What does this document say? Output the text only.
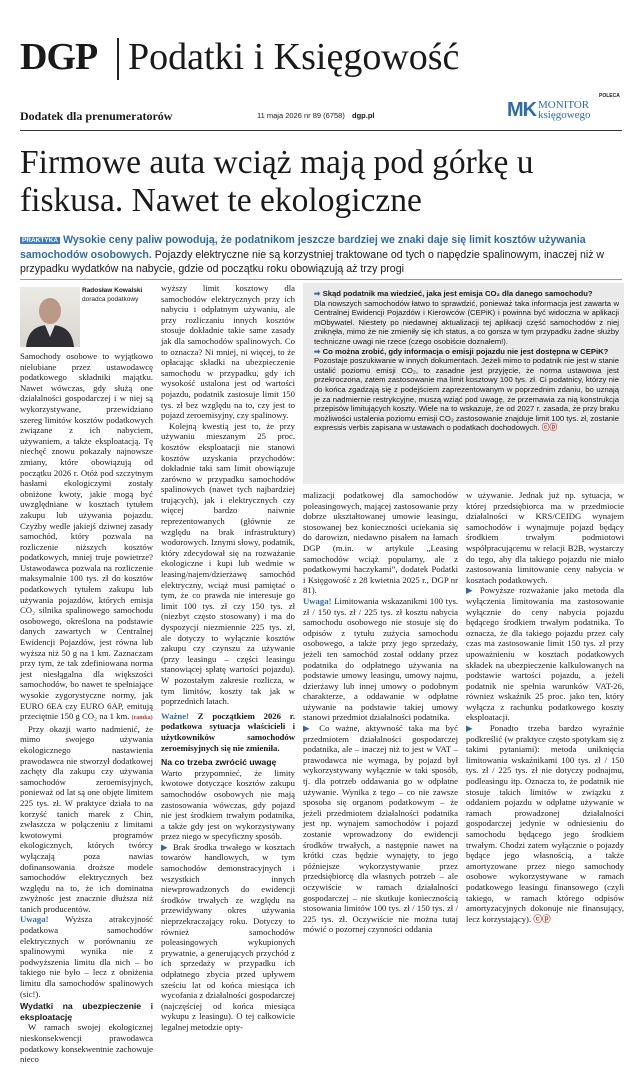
DGP Podatki i Księgowość
Dodatek dla prenumeratorów	11 maja 2026 nr 89 (6758) dgp.pl
POLECA
MK MONITOR
księgowego
Firmowe auta wciąż mają pod górkę u fiskusa. Nawet te ekologiczne
PRAKTYKA Wysokie ceny paliw powodują, że podatnikom jeszcze bardziej we znaki daje się limit kosztów używania samochodów osobowych. Pojazdy elektryczne nie są korzystniej traktowane od tych o napędzie spalinowym, inaczej niż w przypadku wydatków na nabycie, gdzie od początku roku obowiązują aż trzy progi
Radosław Kowalski
doradca podatkowy

Samochody osobowe to wyjątkowo nielubiane przez ustawodawcę podatkowego składniki majątku. Nawet wówczas, gdy służą one działalności gospodarczej i w niej są wykorzystywane, przewidziano szereg limitów kosztów podatkowych związane z ich nabyciem, używaniem, a także eksploatacją. Tę niechęć znowu pokazały najnowsze zmiany, które obowiązują od początku 2026 r. Otóż pod szczytnym hasłami ekologiczymi zostały obniżone kwoty, jakie mogą być uwzględniane w kosztach tytułem zakupu lub używania pojazdu. Czyżby wedle jakiejś dziwnej zasady samochód, który pozwala na rozliczenie niższych kosztów podatkowych, mniej truje powietrze? Ustawodawca pozwala na rozliczenie maksymalnie 100 tys. zł do kosztów podatkowych tytułem zakupu lub używania pojazdów, których emisja CO₂ silnika spalinowego samochodu osobowego, określona na podstawie danych zawartych w Centralnej Ewidencji Pojazdów, jest równa lub wyższa niż 50 g na 1 km. Zaznaczam przy tym, że tak zdefiniowana norma jest niesłągalna dla większości samochodów, bo nawet te spełniające wysokie zygorystyczne normy, jak EURO 6EA czy EURO 6AP, emitują przeciętnie 150 g CO₂ na 1 km. (ramka)

Przy okazji warto nadmienić, że mimo swojego używania ekologicznego nastawienia prawodawca nie stworzył dodatkowej zachęty dla zakupu czy używania samochodów zeroemisyjnych, ponieważ od lat są one objęte limitem 225 tys. zł. W praktyce działa to na korzyść tanich marek z Chin, zwłaszcza w połączeniu z limitami kwotowymi programów ekologicznych, których twórcy wyłączają poza nawias dofinansowania droższe modele samochodów elektrycznych bez względu na to, że ich dominatna zwyżnośc jest znacznie dłuższa niż tanich producentów.

Uwaga! Wyższa atrakcyjność podatkowa samochodów elektrycznych w porównaniu ze spalinowymi wynika nie z podwyższenia limitu dla nich – bo takiego nie było – lecz z obniżenia limitu dla samochodów spalinowych (sic!).

Wydatki na ubezpieczenie i eksploatację

W ramach swojej ekologicznej nieskonsekwencji prawodawca podatkowy konsekwentnie zachowuje nieco

wyższy limit kosztowy dla samochodów elektrycznych przy ich nabyciu i odpłatnym używaniu, ale przy rozliczaniu innych kosztów stosuje dokładnie takie same zasady jak dla samochodów spalinowych. Co to oznacza? Ni mniej, ni więcej, to że opłacając składki na ubezpieczenie samochodu w przypadku, gdy ich wysokość ustalona jest od wartości pojazdu, podatnik zastosuje limit 150 tys. zł bez względu na to, czy jest to pojazd zeroemisyjny, czy spalinowy.

Kolejną kwestią jest to, że przy używaniu mieszanym 25 proc. kosztów eksploatacji nie stanowi kosztów uzyskania przychodów: dokładnie taki sam limit obowiązuje zarówno w przypadku samochodów spalinowych (nawet tych najbardziej trujących), jak i elektrycznych czy więcej bardzo naiwnie reprezentowanych (głównie ze względu na brak infrastruktury) wodorowych. Iznymi słowy, podatnik, który zdecydował się na rozważanie ekologiczne i kupi lub wedmie w leasing/najem/dzierżawę samochód elektryczny, wciąż musi pamiętać o tym, że co prawda nie interesuje go limit 100 tys. zł czy 150 tys. zł (niezbyt często stosowany) i ma do dyspozycji niezmiennie 225 tys. zł, ale dotyczy to wyłącznie kosztów zakupu czy czynszu za używanie (przy leasingu – części leasingu stanowiącej spłatę wartości pojazdu). W pozostałym zakresie rozlicza, w tym limitów, koszty tak jak w poprzednich latach.

Ważne! Z początkiem 2026 r. podatkowa sytuacja właścicieli i użytkowników samochodów zeroemisyjnych się nie zmieniła.

Na co trzeba zwrócić uwagę

Warto przypomnieć, że limity kwotowe dotyczące kosztów zakupu samochodów osobowych nie mają zastosowania wówczas, gdy pojazd nie jest środkiem trwałym podatnika, a także gdy jest on wykorzystywany przez niego w specyficzny sposób.

▶ Brak środka trwałego w kosztach towarów handlowych, w tym samochodów demonstracyjnych i wszystkich innych niewprowadzonych do ewidencji środków trwałych ze względu na przewidywany okres używania nieprzekraczający roku. Dotyczy to również samochodów poleasingowych wykupionych prywatnie, a generujących przychód z ich sprzedaży w przypadku ich odpłatnego zbycia przed upływem sześciu lat od końca miesiąca ich wycofania z działalności gospodarczej (najczęściej od końca miesiąca wykupu z leasingu). O tej całkowicie legalnej metodzie opty-

➡ Skąd podatnik ma wiedzieć, jaka jest emisja CO₂ dla danego samochodu?

Dla nowszych samochodów łatwo to sprawdzić, ponieważ taka informacja jest zawarta w Centralnej Ewidencji Pojazdów i Kierowców (CEPiK) i powinna być widoczna w aplikacji mObywatel. Niestety po niedawnej aktualizacji tej aplikacji część samochodów z niej zniknęła, mimo że nie zmieniły się ich status, a co gorsza w tym przypadku żadne służby techniczne uwagi nie rzece (czego osobiście doznałem!).

➡ Co można zrobić, gdy informacja o emisji pojazdu nie jest dostępna w CEPiK?

Pozostaje poszukiwanie w innych dokumentach. Jeżeli mimo to podatnik nie jest w stanie ustalić poziomu emisji CO₂, to zasadne jest przyjęcie, że norma ustawowa jest przekroczona, zatem zastosowanie ma limit kosztowy 100 tys. zł. Ci podatnicy, którzy nie do końca zgadzają się z podejściem zaprezentowanym w poprzednim zdaniu, bo uznają je za nadmiernie restrykcyjne, muszą wziąć pod uwagę, że przemawia za nią konstrukcja przepisów limitujących koszty. Wiele na to wskazuje, że od 2027 r. zasada, że przy braku możliwości ustalenia poziomu emisji CO₂ zastosowanie znajduje limit 100 tys. zł, zostanie expressis verbis zapisana w ustawach o podatkach dochodowych. ⓒⓟ

malizacji podatkowej dla samochodów poleasingowych, mającej zastosowanie przy dobrze ukształtowanej umowie leasingu, stosowanej bez konieczności uciekania się do darowizn, niedawno pisałem na łamach DGP (m.in. w artykule „Leasing samochodów wciąż popularny, ale z podatkowymi haczykami”, dodatek Podatki i Księgowość z 28 kwietnia 2025 r., DGP nr 81).

Uwaga! Limitowania wskazanikmi 100 tys. zł / 150 tys. zł / 225 tys. zł kosztu nabycia samochodu osobowego nie stosuje się do odpisów z tytułu zużycia samochodu osobowego, a także przy jego sprzedaży, jeżeli ten samochód został oddany przez podatnika do odpłatnego używania na podstawie umowy leasingu, umowy najmu, dzierżawy lub innej umowy o podobnym charakterze, a oddawanie w odpłatne używanie na podstawie takiej umowy stanowi przedmiot działalności podatnika.

▶ Co ważne, aktywność taka ma być przedmiotem działalności gospodarczej podatnika, ale – inaczej niż to jest w VAT – prawodawca nie wymaga, by pojazd był wykorzystywany wyłącznie w taki sposób, tj. dla potrzeb oddawania go w odpłatne używanie. Wynika z tego – co nie zawsze sposoba się organom podatkowym – że jeżeli przedmiotem działalności podatnika jest np. wynajem samochodów i pojazd zostanie wprowadzony do ewidencji środków trwałych, a następnie nawet na krótki czas będzie wynajęty, to jego późniejsze wykorzystywanie przez przedsiębiorcę dla własnych potrzeb – ale oczywiście w ramach działalności gospodarczej – nie skutkuje koniecznością stosowania limitów 100 tys. zł / 150 tys. zł / 225 tys. zł. Oczywiście nie można tutaj mówić o pozornej czynności oddania

w używanie. Jednak już np. sytuacja, w której przedsiębiorca ma w przedmiocie działalności w KRS/CEIDG wynajem samochodów i wynajmuje pojazd będący środkiem trwałym podmiotowi współpracującemu w relacji B2B, wystarczy do tego, aby dla takiego pojazdu nie miało zastosowania limitowanie ceny nabycia w kosztach podatkowych.

▶ Powyższe rozważanie jako metoda dla wyłączenia limitowania ma zastosowanie wyłącznie do ceny nabycia pojazdu będącego środkiem trwałym podatnika. To oznacza, że dla takiego pojazdu przez cały czas ma zastosowanie limit 150 tys. zł przy upoważnieniu w kosztach podatkowych składek na ubezpieczenie kalkulowanych na podstawie wartości pojazdu, a jeżeli podatnik nie spełnia warunków VAT-26, równiez wskaźnik 25 proc. jako ten, który wyłącza z rachunku podatkowego koszty eksploatacji.

▶ Ponadto trzeba bardzo wyraźnie podkreślić (w praktyce często spotykam się z takimi pytaniami): metoda uniknięcia limitowania wskaźnikami 100 tys. zł / 150 tys. zł / 225 tys. zł nie dotyczy podnajmu, podleasingu itp. Oznacza to, że podatnik nie stosuje takich limitów w związku z oddaniem pojazdu w odpłatne używanie w ramach prowadzonej działalności gospodarczej jedynie w odniesieniu do samochodu będącego jego środkiem trwałym. Chodzi zatem wyłącznie o pojazdy będące jego własnością, a także amortyzowane przez niego samochody osobowe wykorzystywane w ramach podatkowego leasingu finansowego (czyli takiego, w ramach którego odpisów amortyzacyjnych dokonuje nie finansujący, lecz korzystający). ⓒⓟ
